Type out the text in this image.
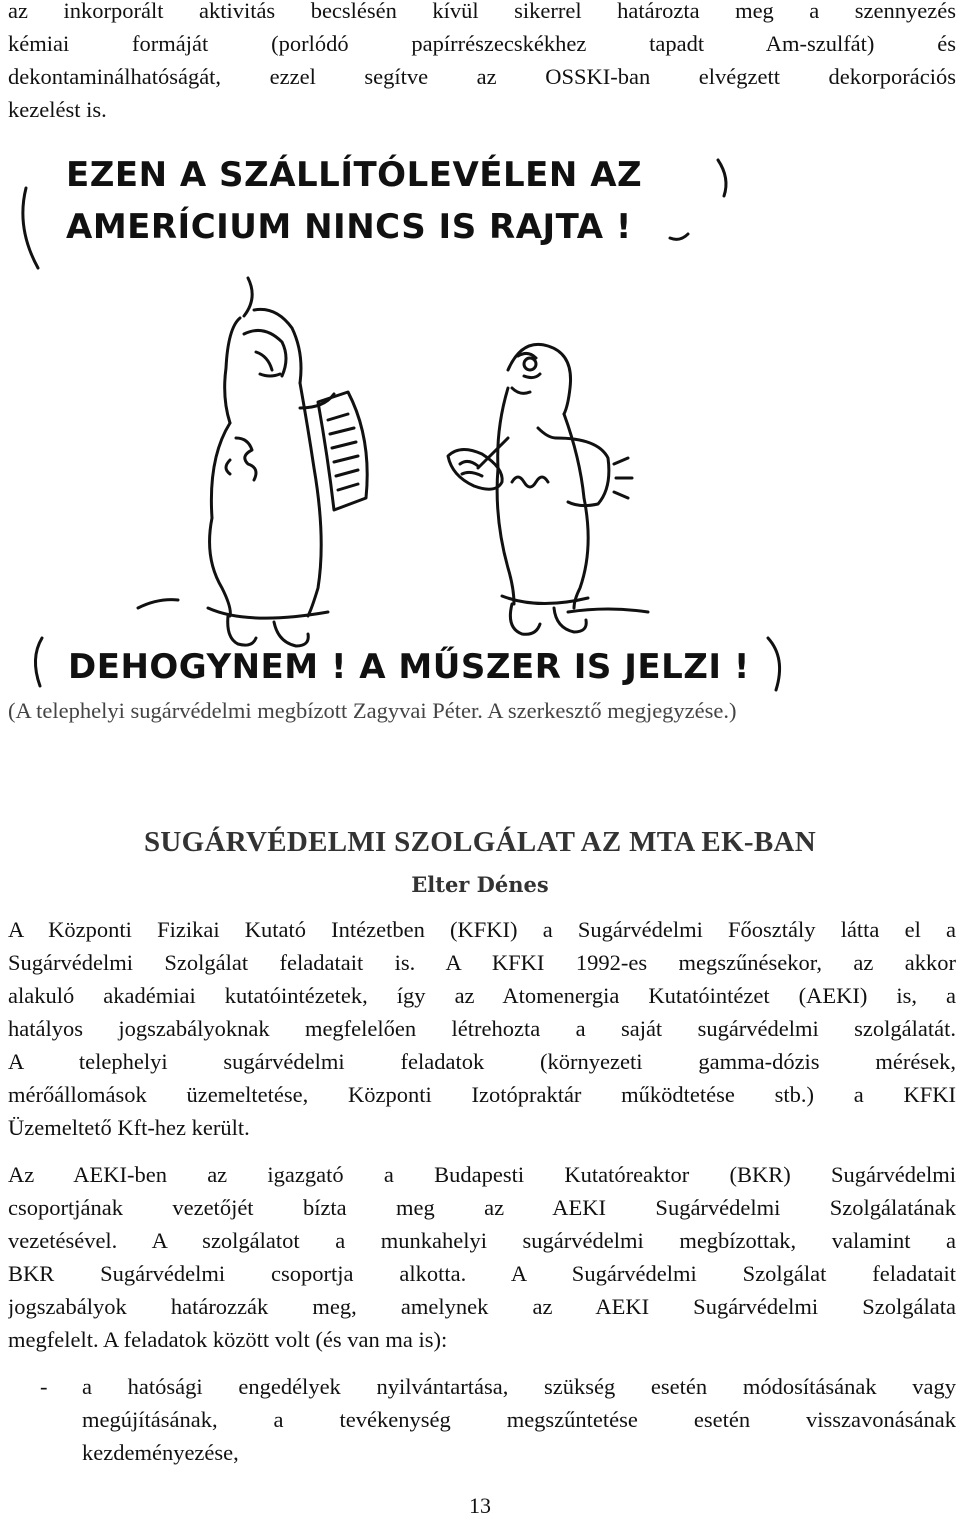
az inkorporált aktivitás becslésén kívül sikerrel határozta meg a szennyezés
kémiai formáját (porlódó papírrészecskékhez tapadt Am-szulfát) és
dekontaminálhatóságát, ezzel segítve az OSSKI-ban elvégzett dekorporációs
kezelést is.
EZEN A SZÁLLÍTÓLEVÉLEN AZ
AMERÍCIUM NINCS IS RAJTA !
DEHOGYNEM ! A MŰSZER IS JELZI !
(A telephelyi sugárvédelmi megbízott Zagyvai Péter. A szerkesztő megjegyzése.)
SUGÁRVÉDELMI SZOLGÁLAT AZ MTA EK-BAN
Elter Dénes
A Központi Fizikai Kutató Intézetben (KFKI) a Sugárvédelmi Főosztály látta el a
Sugárvédelmi Szolgálat feladatait is. A KFKI 1992-es megszűnésekor, az akkor
alakuló akadémiai kutatóintézetek, így az Atomenergia Kutatóintézet (AEKI) is, a
hatályos jogszabályoknak megfelelően létrehozta a saját sugárvédelmi szolgálatát.
A telephelyi sugárvédelmi feladatok (környezeti gamma-dózis mérések,
mérőállomások üzemeltetése, Központi Izotópraktár működtetése stb.) a KFKI
Üzemeltető Kft-hez került.
Az AEKI-ben az igazgató a Budapesti Kutatóreaktor (BKR) Sugárvédelmi
csoportjának vezetőjét bízta meg az AEKI Sugárvédelmi Szolgálatának
vezetésével. A szolgálatot a munkahelyi sugárvédelmi megbízottak, valamint a
BKR Sugárvédelmi csoportja alkotta. A Sugárvédelmi Szolgálat feladatait
jogszabályok határozzák meg, amelynek az AEKI Sugárvédelmi Szolgálata
megfelelt. A feladatok között volt (és van ma is):
- a hatósági engedélyek nyilvántartása, szükség esetén módosításának vagy
megújításának, a tevékenység megszűntetése esetén visszavonásának
kezdeményezése,
13
